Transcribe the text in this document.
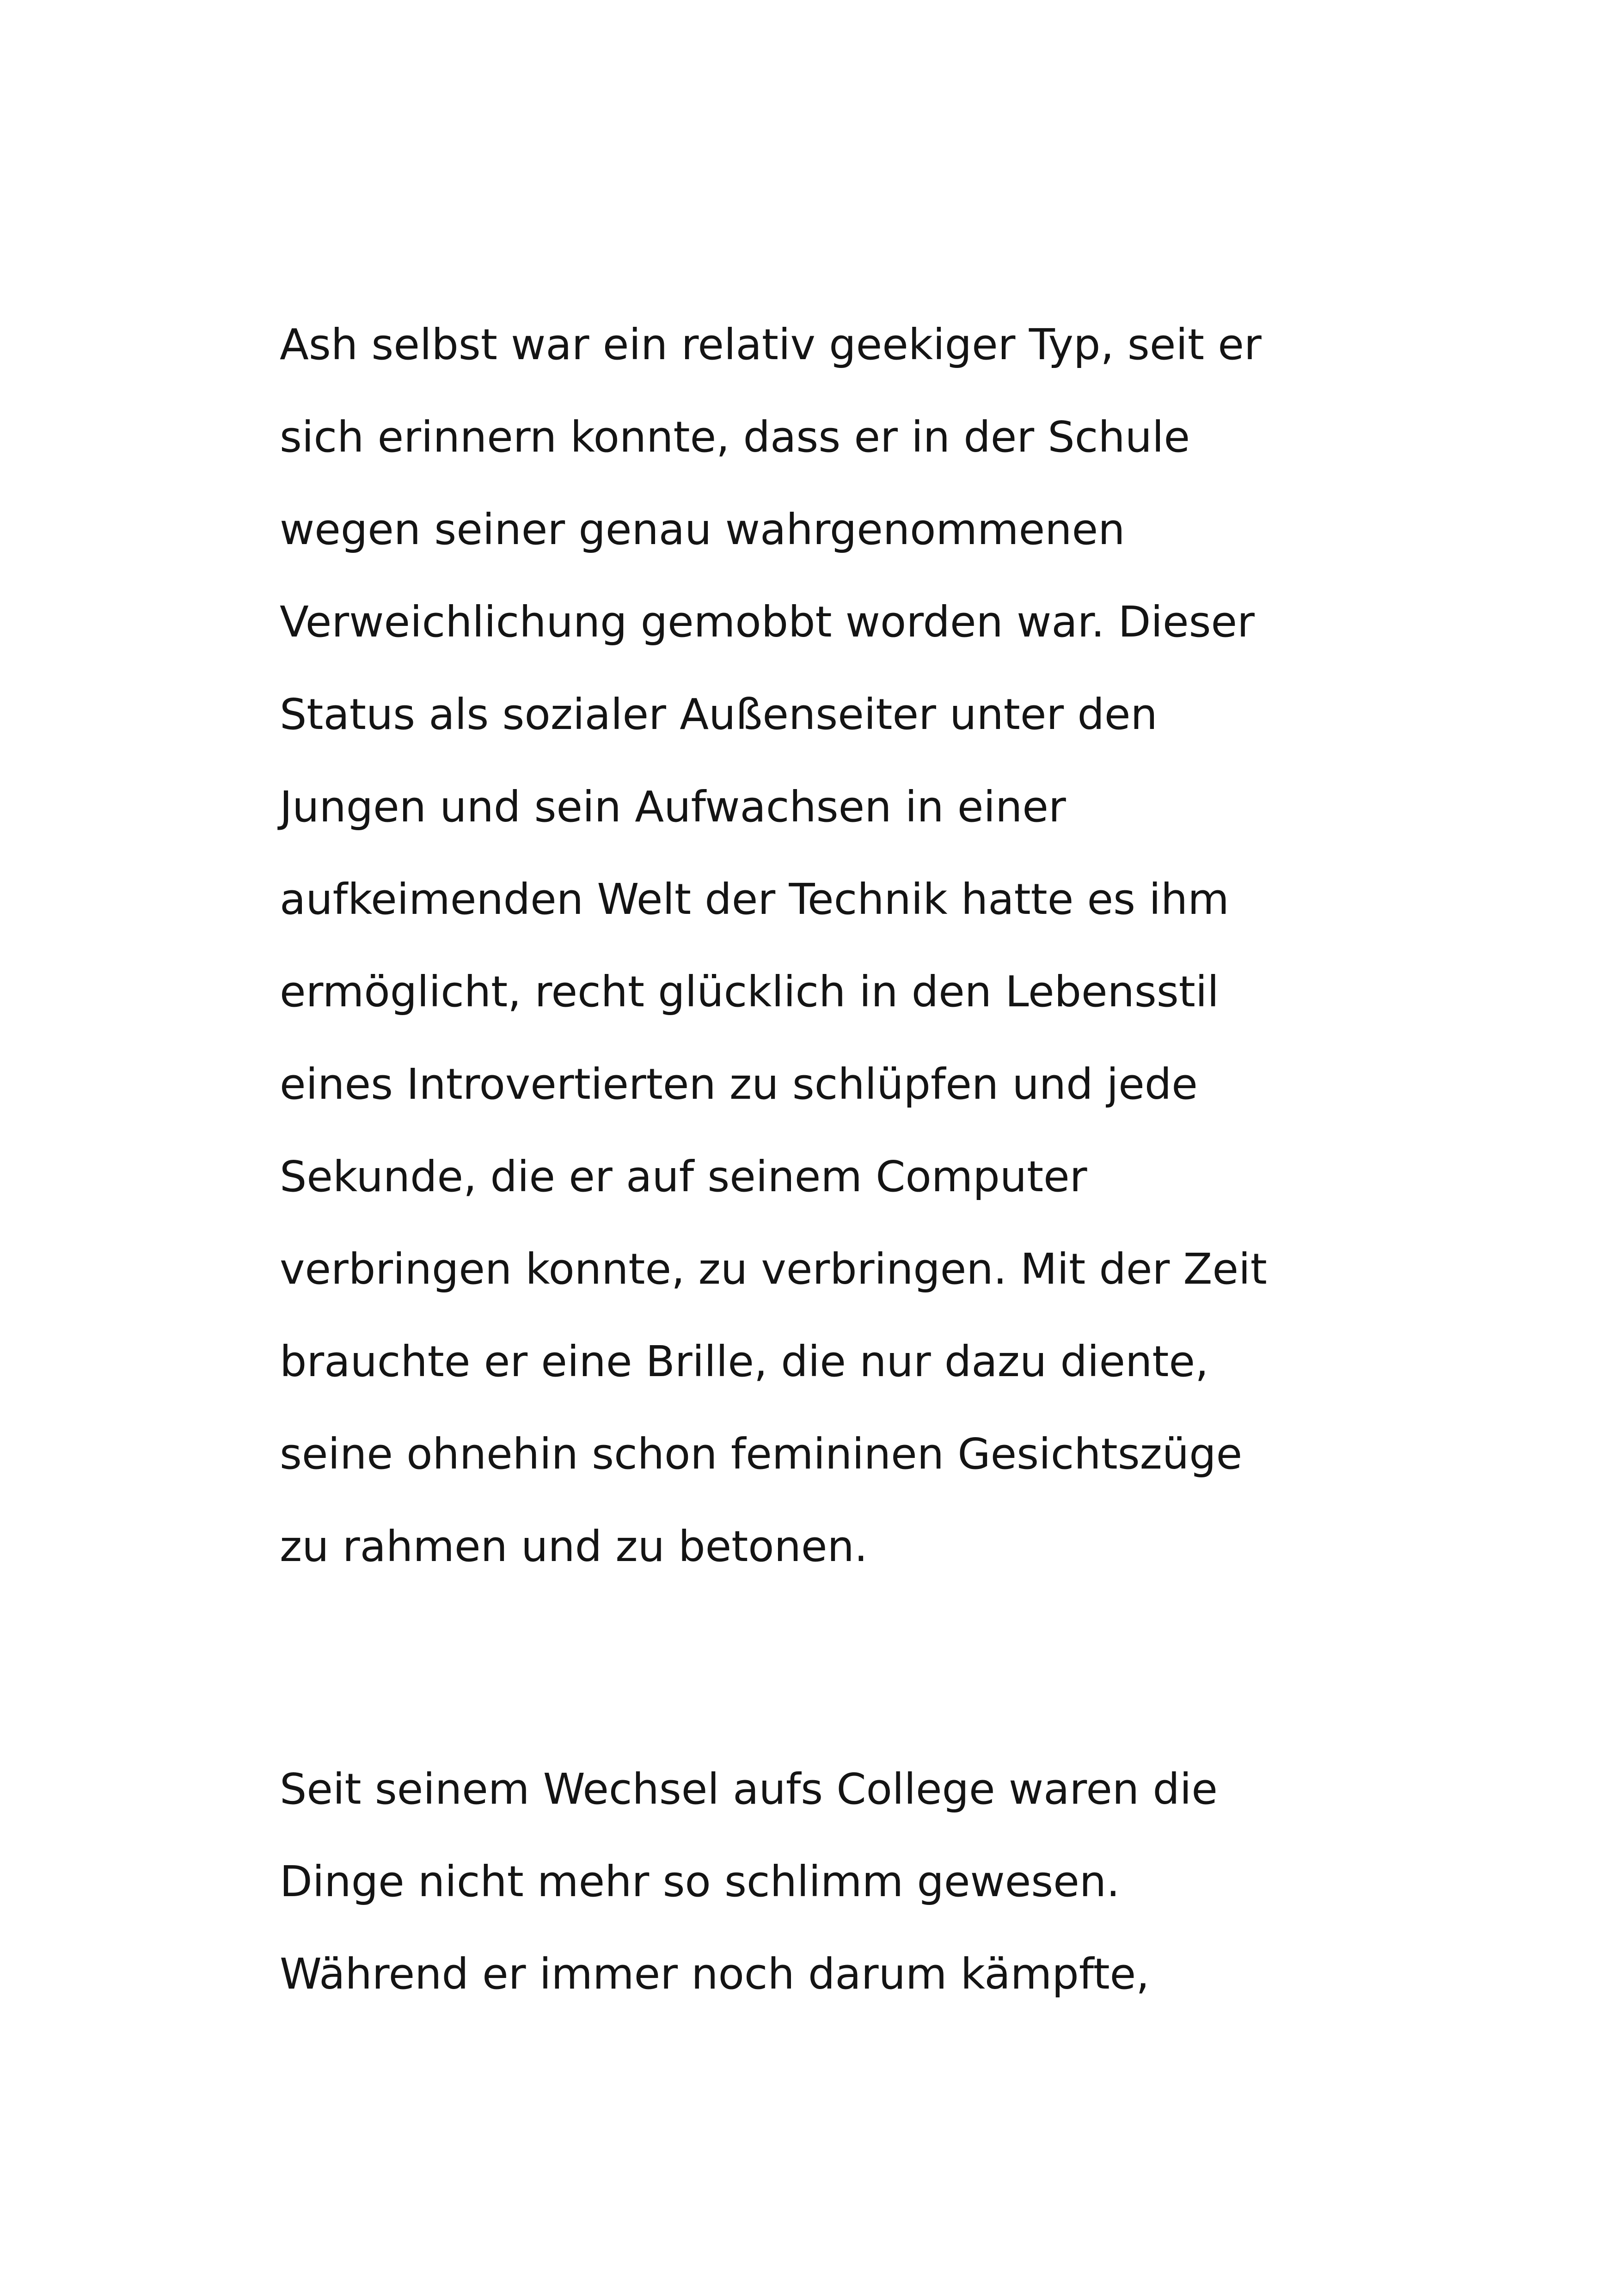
Ash selbst war ein relativ geekiger Typ, seit er
sich erinnern konnte, dass er in der Schule
wegen seiner genau wahrgenommenen
Verweichlichung gemobbt worden war. Dieser
Status als sozialer Außenseiter unter den
Jungen und sein Aufwachsen in einer
aufkeimenden Welt der Technik hatte es ihm
ermöglicht, recht glücklich in den Lebensstil
eines Introvertierten zu schlüpfen und jede
Sekunde, die er auf seinem Computer
verbringen konnte, zu verbringen. Mit der Zeit
brauchte er eine Brille, die nur dazu diente,
seine ohnehin schon femininen Gesichtszüge
zu rahmen und zu betonen.
Seit seinem Wechsel aufs College waren die
Dinge nicht mehr so schlimm gewesen.
Während er immer noch darum kämpfte,
